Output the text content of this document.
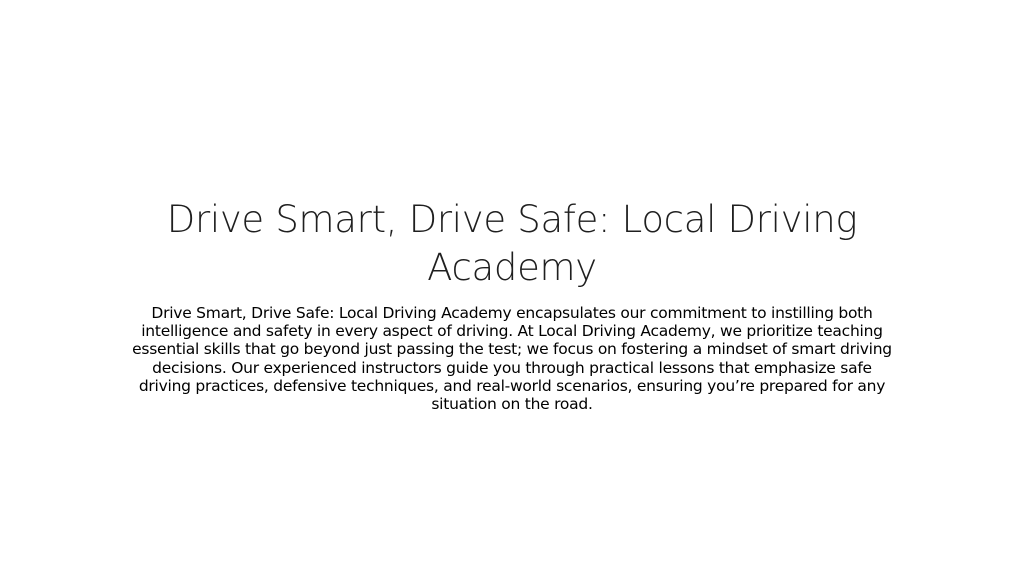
Drive Smart, Drive Safe: Local Driving Academy
Drive Smart, Drive Safe: Local Driving Academy encapsulates our commitment to instilling both intelligence and safety in every aspect of driving. At Local Driving Academy, we prioritize teaching essential skills that go beyond just passing the test; we focus on fostering a mindset of smart driving decisions. Our experienced instructors guide you through practical lessons that emphasize safe driving practices, defensive techniques, and real-world scenarios, ensuring you’re prepared for any situation on the road.
